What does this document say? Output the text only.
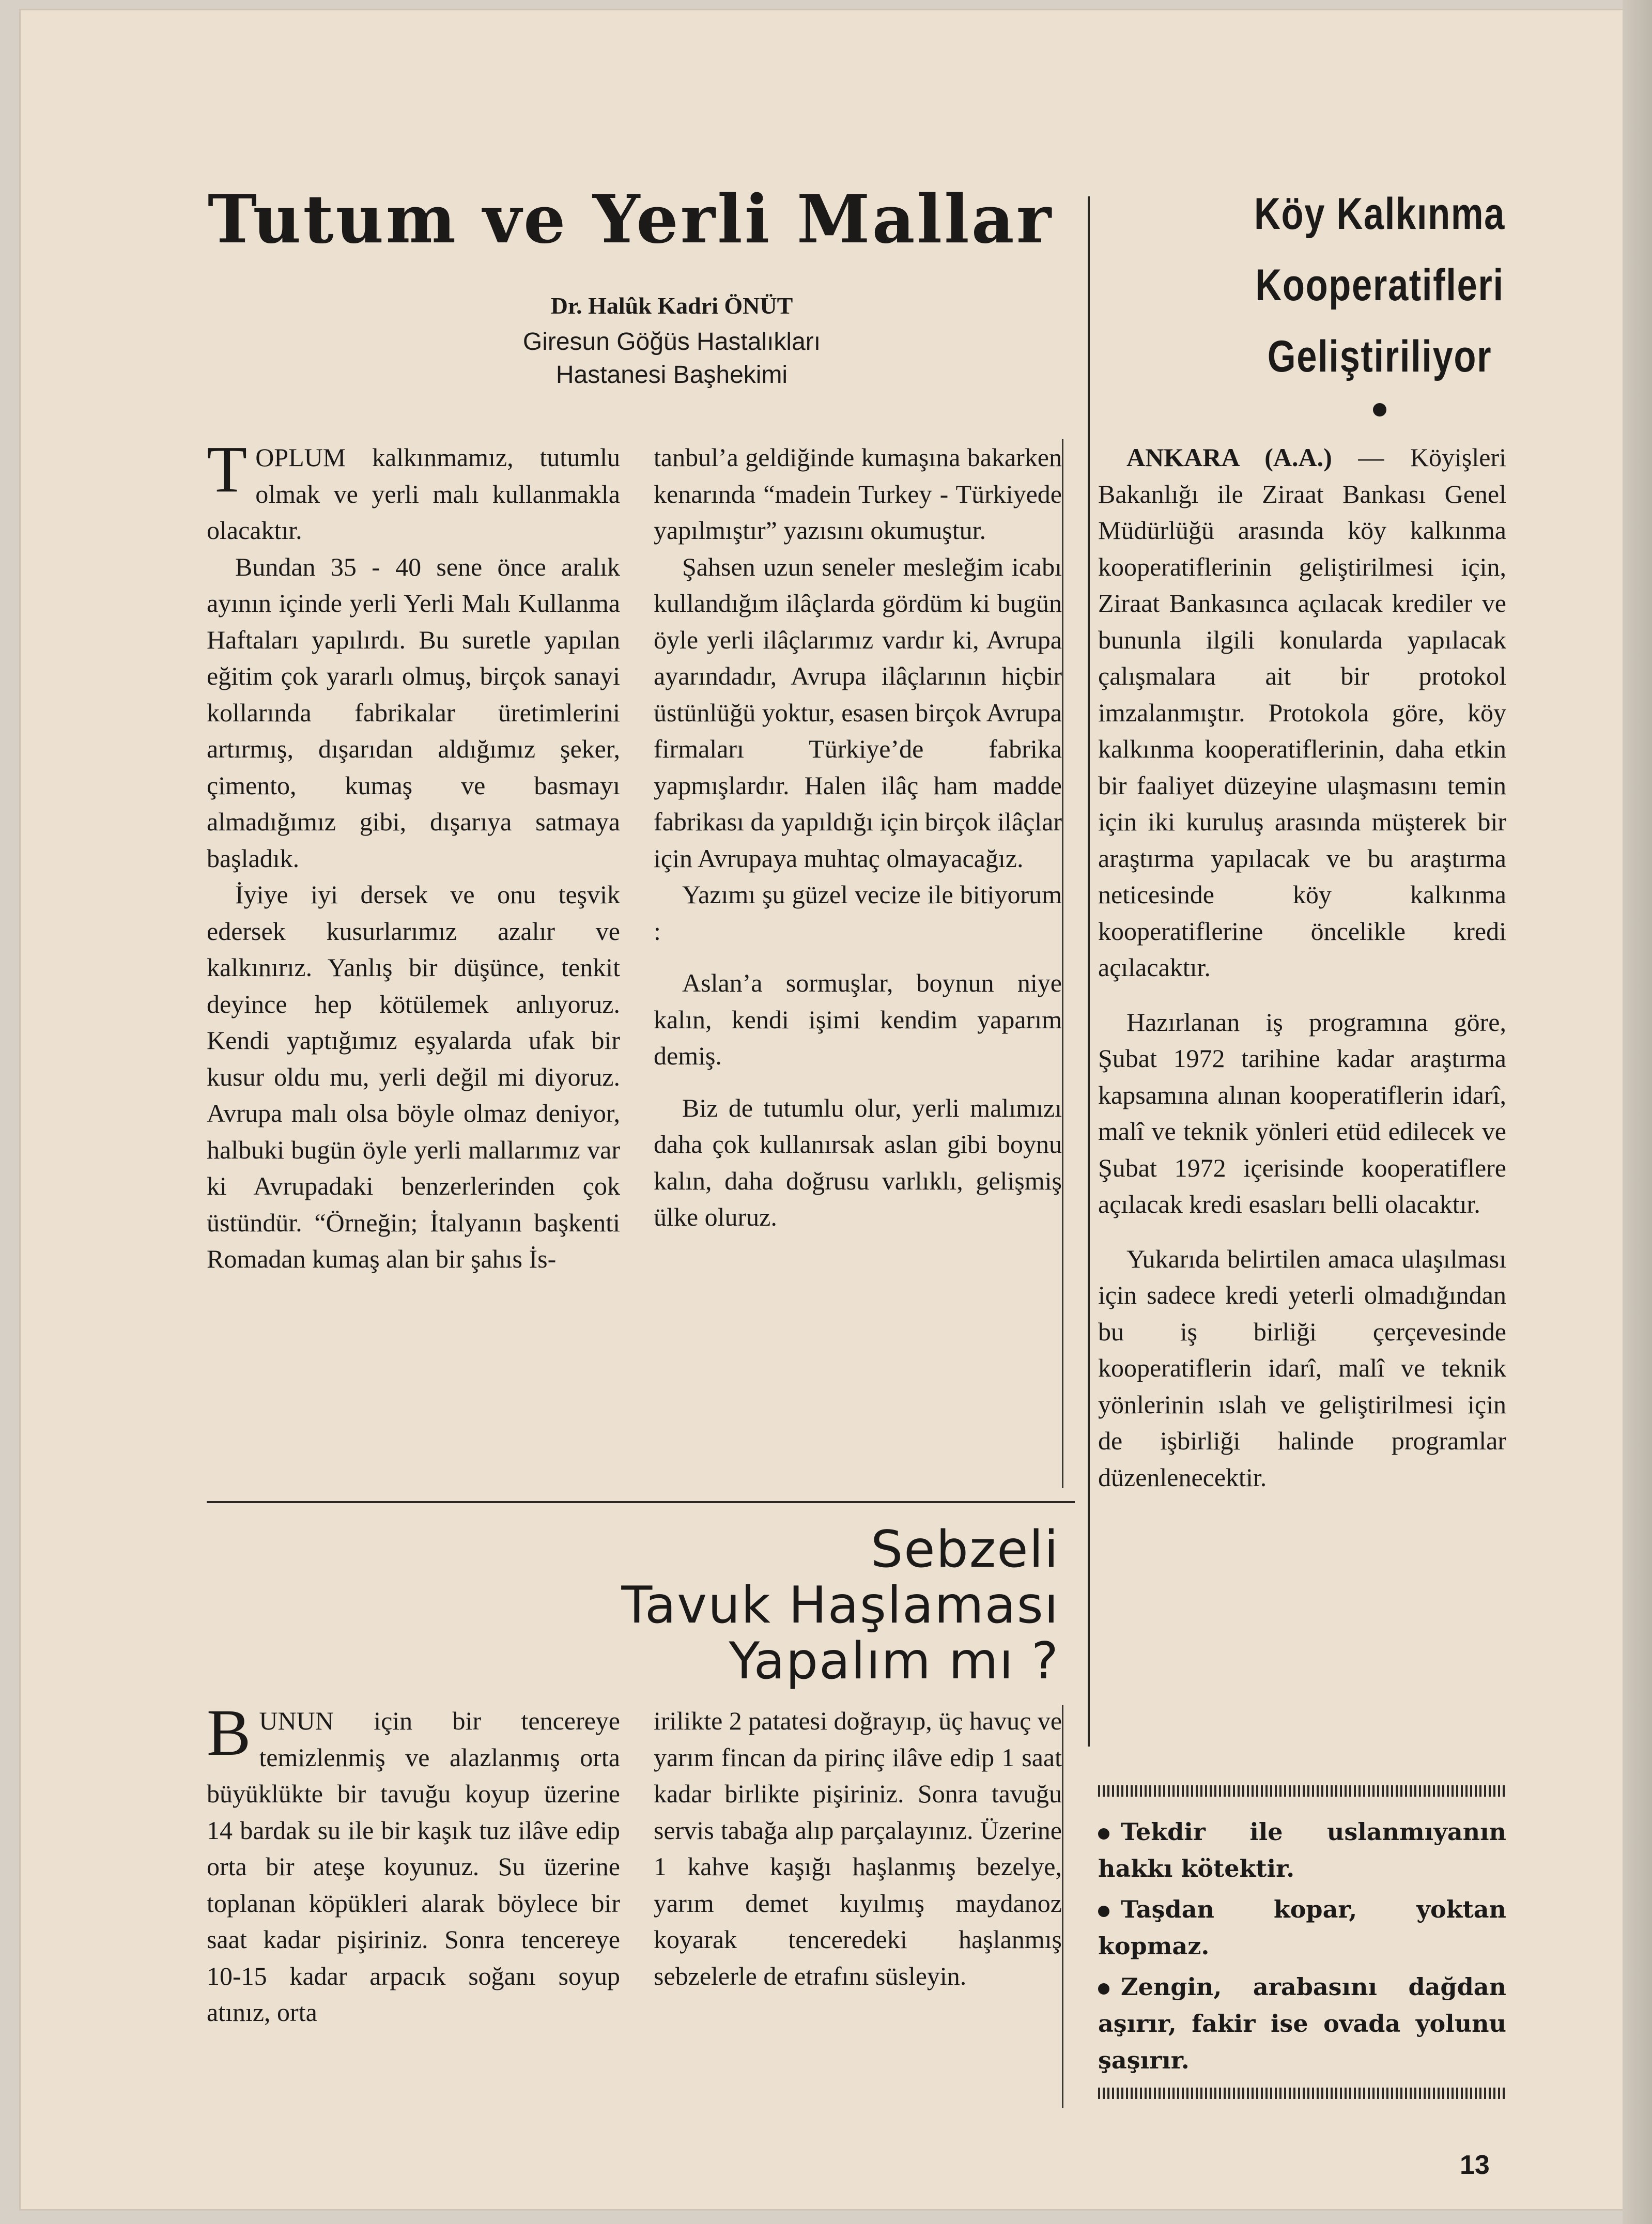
Tutum ve Yerli Mallar
Dr. Halûk Kadri ÖNÜT
Giresun Göğüs Hastalıkları
Hastanesi Başhekimi
T OPLUM kalkınmamız, tutumlu olmak ve yerli malı kullanmakla olacaktır.

Bundan 35 - 40 sene önce aralık ayının içinde yerli Yerli Malı Kullanma Haftaları yapılırdı. Bu suretle yapılan eğitim çok yararlı olmuş, birçok sanayi kollarında fabrikalar üretimlerini artırmış, dışarıdan aldığımız şeker, çimento, kumaş ve basmayı almadığımız gibi, dışarıya satmaya başladık.

İyiye iyi dersek ve onu teşvik edersek kusurlarımız azalır ve kalkınırız. Yanlış bir düşünce, tenkit deyince hep kötülemek anlıyoruz. Kendi yaptığımız eşyalarda ufak bir kusur oldu mu, yerli değil mi diyoruz. Avrupa malı olsa böyle olmaz deniyor, halbuki bugün öyle yerli mallarımız var ki Avrupadaki benzerlerinden çok üstündür. “Örneğin; İtalyanın başkenti Romadan kumaş alan bir şahıs İs-

tanbul’a geldiğinde kumaşına bakarken kenarında “madein Turkey - Türkiyede yapılmıştır” yazısını okumuştur.

Şahsen uzun seneler mesleğim icabı kullandığım ilâçlarda gördüm ki bugün öyle yerli ilâçlarımız vardır ki, Avrupa ayarındadır, Avrupa ilâçlarının hiçbir üstünlüğü yoktur, esasen birçok Avrupa firmaları Türkiye’de fabrika yapmışlardır. Halen ilâç ham madde fabrikası da yapıldığı için birçok ilâçlar için Avrupaya muhtaç olmayacağız.

Yazımı şu güzel vecize ile bitiyorum :

Aslan’a sormuşlar, boynun niye kalın, kendi işimi kendim yaparım demiş.

Biz de tutumlu olur, yerli malımızı daha çok kullanırsak aslan gibi boynu kalın, daha doğrusu varlıklı, gelişmiş ülke oluruz.

Sebzeli
Tavuk Haşlaması
Yapalım mı ?
B UNUN için bir tencereye temizlenmiş ve alazlanmış orta büyüklükte bir tavuğu koyup üzerine 14 bardak su ile bir kaşık tuz ilâve edip orta bir ateşe koyunuz. Su üzerine toplanan köpükleri alarak böylece bir saat kadar pişiriniz. Sonra tencereye 10-15 kadar arpacık soğanı soyup atınız, orta

irilikte 2 patatesi doğrayıp, üç havuç ve yarım fincan da pirinç ilâve edip 1 saat kadar birlikte pişiriniz. Sonra tavuğu servis tabağa alıp parçalayınız. Üzerine 1 kahve kaşığı haşlanmış bezelye, yarım demet kıyılmış maydanoz koyarak tenceredeki haşlanmış sebzelerle de etrafını süsleyin.

Köy Kalkınma
Kooperatifleri
Geliştiriliyor

ANKARA (A.A.) — Köyişleri Bakanlığı ile Ziraat Bankası Genel Müdürlüğü arasında köy kalkınma kooperatiflerinin geliştirilmesi için, Ziraat Bankasınca açılacak krediler ve bununla ilgili konularda yapılacak çalışmalara ait bir protokol imzalanmıştır. Protokola göre, köy kalkınma kooperatiflerinin, daha etkin bir faaliyet düzeyine ulaşmasını temin için iki kuruluş arasında müşterek bir araştırma yapılacak ve bu araştırma neticesinde köy kalkınma kooperatiflerine öncelikle kredi açılacaktır.

Hazırlanan iş programına göre, Şubat 1972 tarihine kadar araştırma kapsamına alınan kooperatiflerin idarî, malî ve teknik yönleri etüd edilecek ve Şubat 1972 içerisinde kooperatiflere açılacak kredi esasları belli olacaktır.

Yukarıda belirtilen amaca ulaşılması için sadece kredi yeterli olmadığından bu iş birliği çerçevesinde kooperatiflerin idarî, malî ve teknik yönlerinin ıslah ve geliştirilmesi için de işbirliği halinde programlar düzenlenecektir.

Tekdir ile uslanmıyanın hakkı kötektir.

Taşdan kopar, yoktan kopmaz.

Zengin, arabasını dağdan aşırır, fakir ise ovada yolunu şaşırır.

13
